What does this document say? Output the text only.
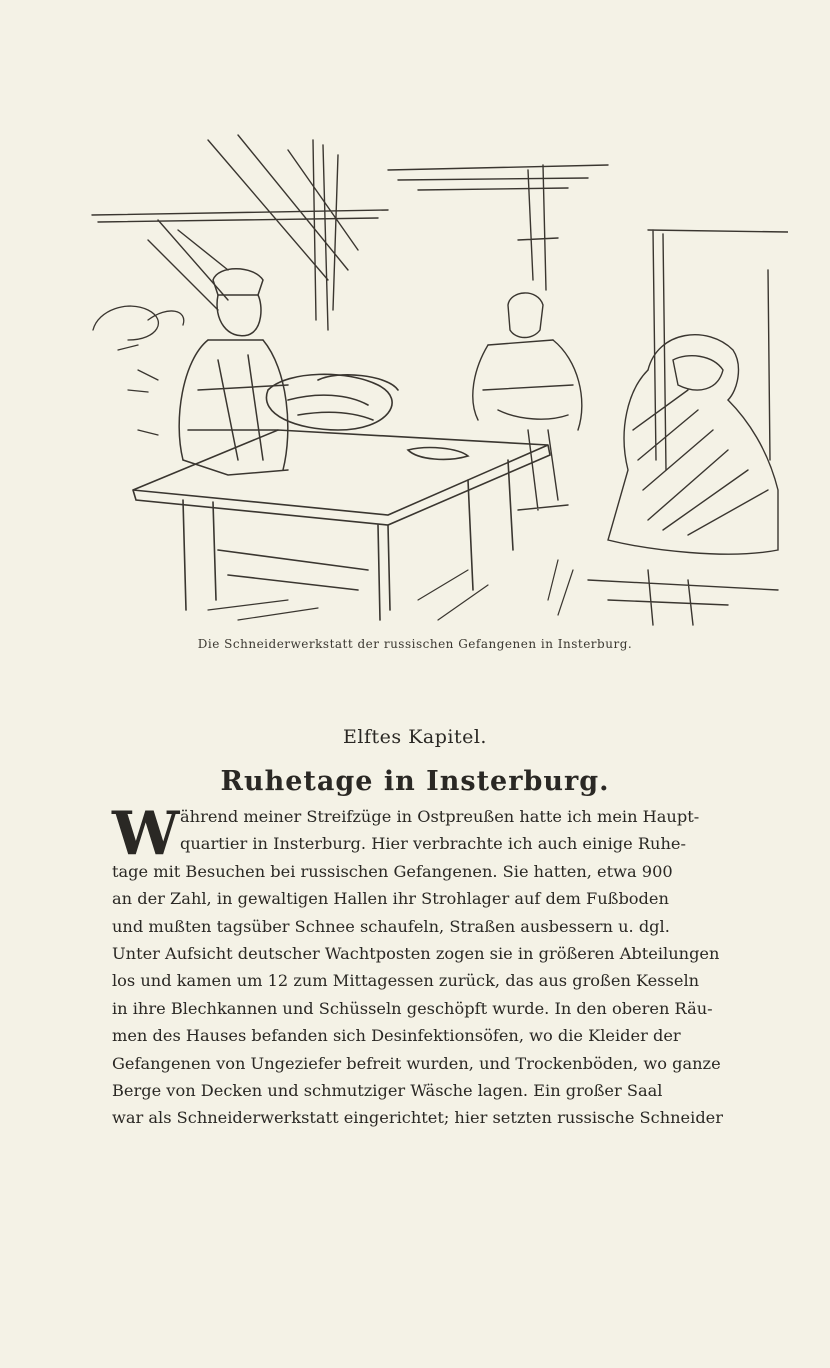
Die Schneiderwerkstatt der russischen Gefangenen in Insterburg.
Elftes Kapitel.
Ruhetage in Insterburg.
W ährend meiner Streifzüge in Ostpreußen hatte ich mein Haupt-
quartier in Insterburg. Hier verbrachte ich auch einige Ruhe-
tage mit Besuchen bei russischen Gefangenen. Sie hatten, etwa 900
an der Zahl, in gewaltigen Hallen ihr Strohlager auf dem Fußboden
und mußten tagsüber Schnee schaufeln, Straßen ausbessern u. dgl.
Unter Aufsicht deutscher Wachtposten zogen sie in größeren Abteilungen
los und kamen um 12 zum Mittagessen zurück, das aus großen Kesseln
in ihre Blechkannen und Schüsseln geschöpft wurde. In den oberen Räu-
men des Hauses befanden sich Desinfektionsöfen, wo die Kleider der
Gefangenen von Ungeziefer befreit wurden, und Trockenböden, wo ganze
Berge von Decken und schmutziger Wäsche lagen. Ein großer Saal
war als Schneiderwerkstatt eingerichtet; hier setzten russische Schneider
